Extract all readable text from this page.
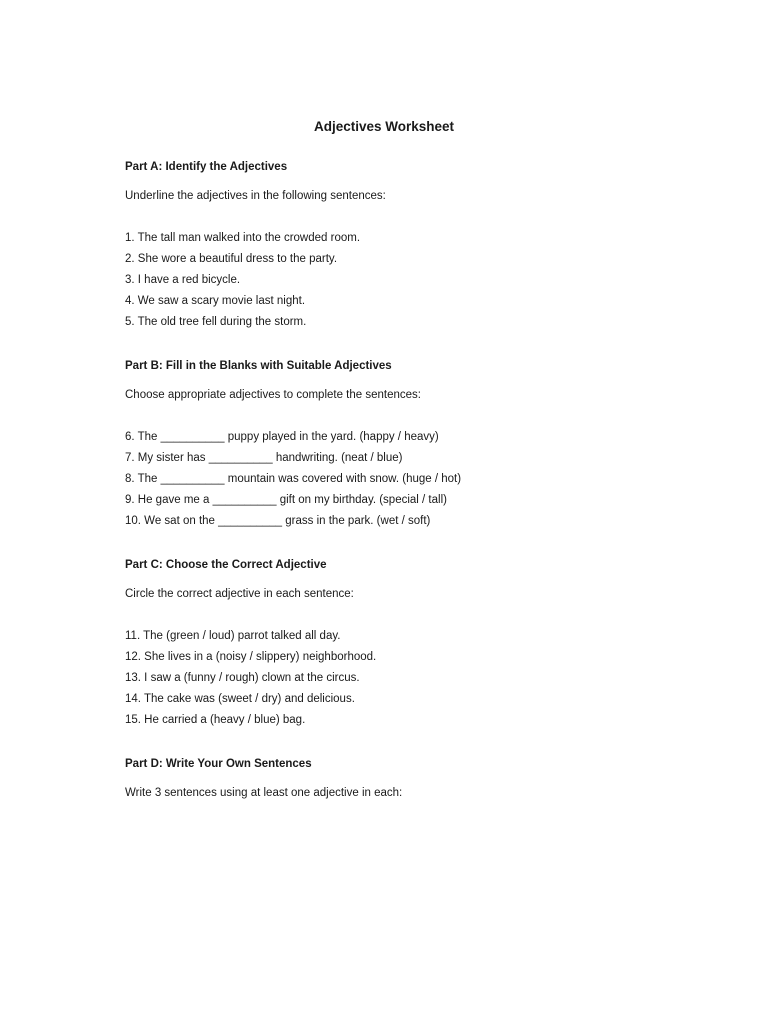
Adjectives Worksheet
Part A: Identify the Adjectives
Underline the adjectives in the following sentences:
1. The tall man walked into the crowded room.
2. She wore a beautiful dress to the party.
3. I have a red bicycle.
4. We saw a scary movie last night.
5. The old tree fell during the storm.
Part B: Fill in the Blanks with Suitable Adjectives
Choose appropriate adjectives to complete the sentences:
6. The __________ puppy played in the yard. (happy / heavy)
7. My sister has __________ handwriting. (neat / blue)
8. The __________ mountain was covered with snow. (huge / hot)
9. He gave me a __________ gift on my birthday. (special / tall)
10. We sat on the __________ grass in the park. (wet / soft)
Part C: Choose the Correct Adjective
Circle the correct adjective in each sentence:
11. The (green / loud) parrot talked all day.
12. She lives in a (noisy / slippery) neighborhood.
13. I saw a (funny / rough) clown at the circus.
14. The cake was (sweet / dry) and delicious.
15. He carried a (heavy / blue) bag.
Part D: Write Your Own Sentences
Write 3 sentences using at least one adjective in each:
